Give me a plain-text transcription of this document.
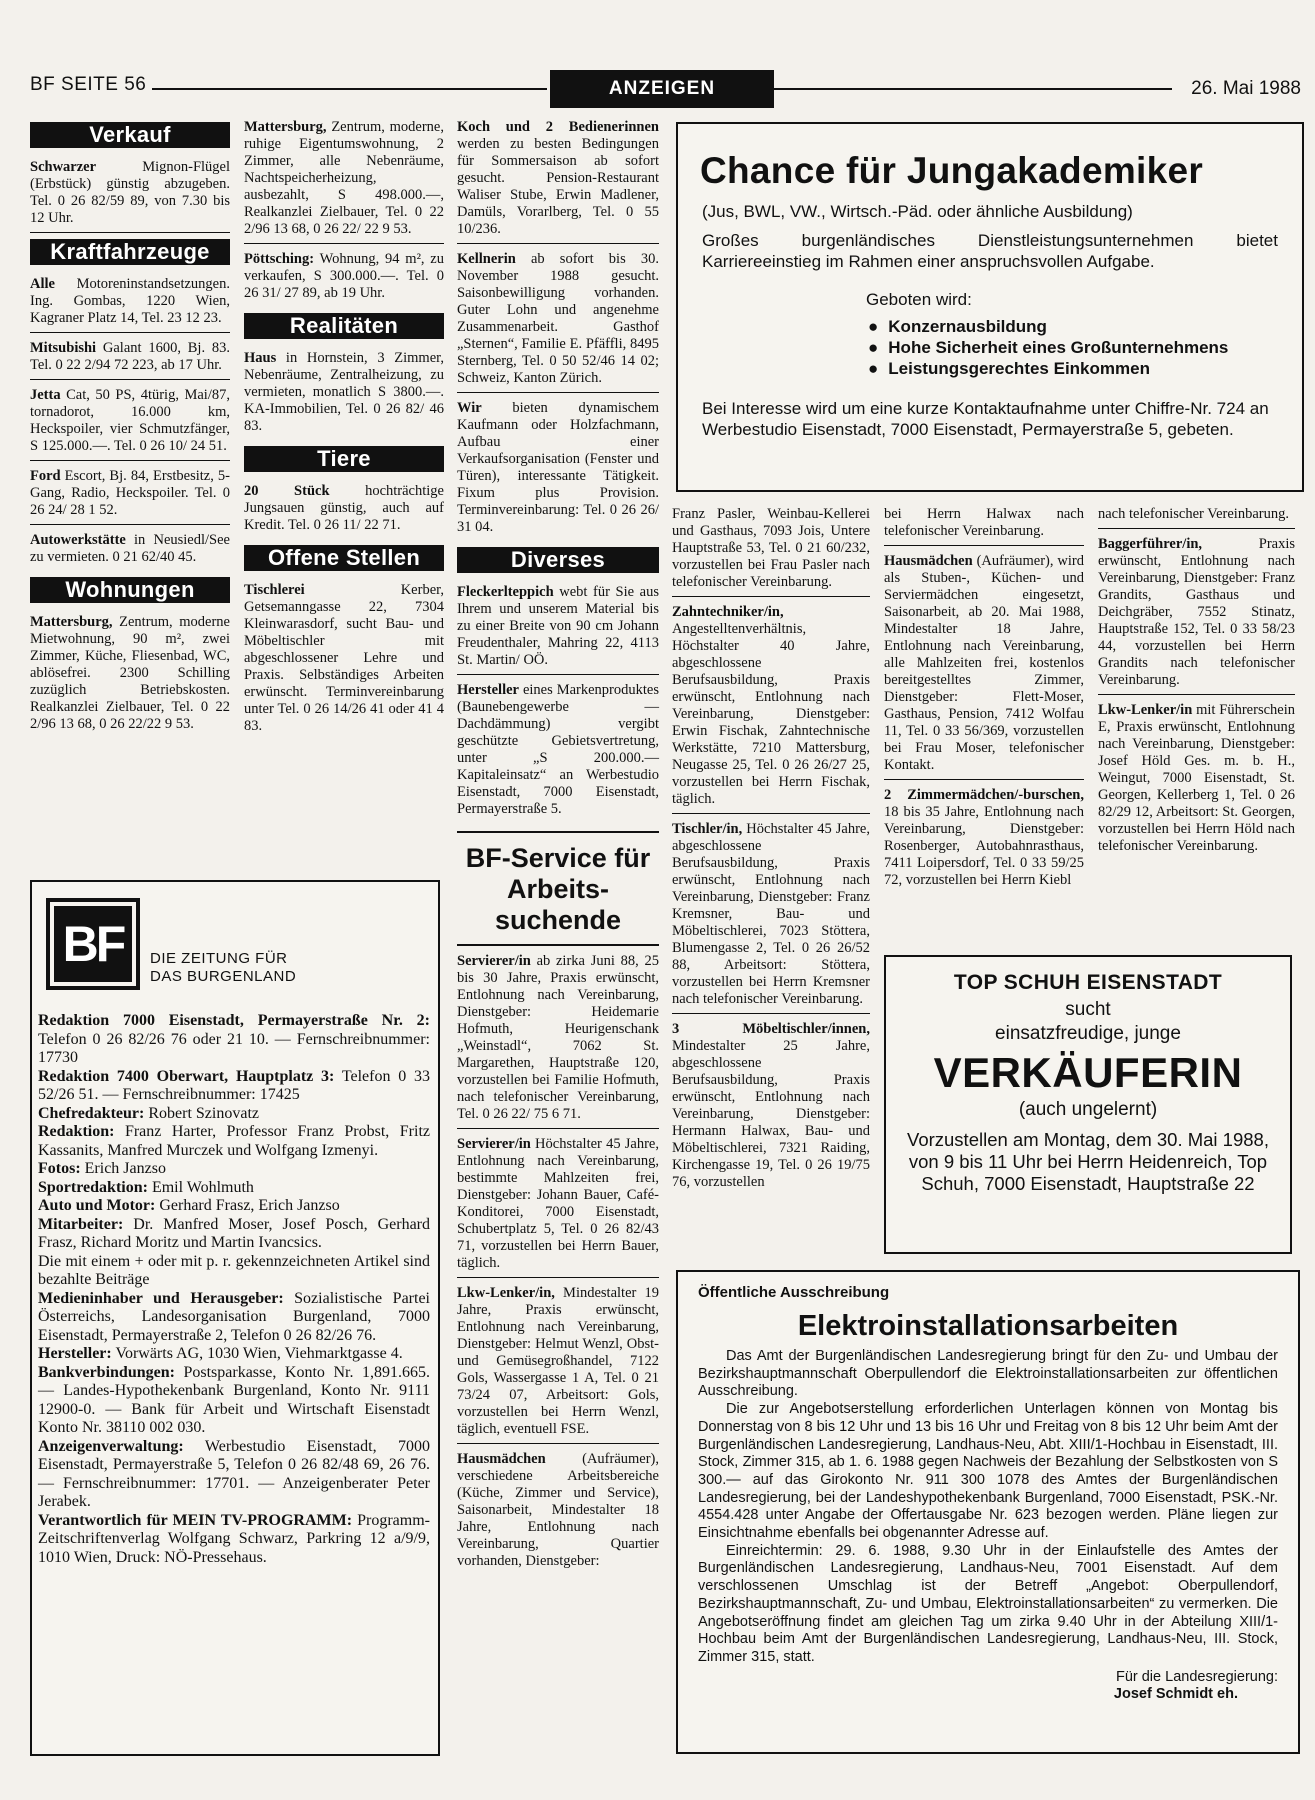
BF SEITE 56	ANZEIGEN	26. Mai 1988
Verkauf
Schwarzer Mignon-Flügel (Erbstück) günstig abzugeben. Tel. 0 26 82/59 89, von 7.30 bis 12 Uhr.
Kraftfahrzeuge
Alle Motoreninstandsetzungen. Ing. Gombas, 1220 Wien, Kagraner Platz 14, Tel. 23 12 23.
Mitsubishi Galant 1600, Bj. 83. Tel. 0 22 2/94 72 223, ab 17 Uhr.
Jetta Cat, 50 PS, 4türig, Mai/87, tornadorot, 16.000 km, Heckspoiler, vier Schmutzfänger, S 125.000.—. Tel. 0 26 10/ 24 51.
Ford Escort, Bj. 84, Erstbesitz, 5-Gang, Radio, Heckspoiler. Tel. 0 26 24/ 28 1 52.
Autowerkstätte in Neusiedl/See zu vermieten. 0 21 62/40 45.
Wohnungen
Mattersburg, Zentrum, moderne Mietwohnung, 90 m², zwei Zimmer, Küche, Fliesenbad, WC, ablösefrei. 2300 Schilling zuzüglich Betriebskosten. Realkanzlei Zielbauer, Tel. 0 22 2/96 13 68, 0 26 22/22 9 53.
Mattersburg, Zentrum, moderne, ruhige Eigentumswohnung, 2 Zimmer, alle Nebenräume, Nachtspeicherheizung, ausbezahlt, S 498.000.—, Realkanzlei Zielbauer, Tel. 0 22 2/96 13 68, 0 26 22/ 22 9 53.
Pöttsching: Wohnung, 94 m², zu verkaufen, S 300.000.—. Tel. 0 26 31/ 27 89, ab 19 Uhr.
Realitäten
Haus in Hornstein, 3 Zimmer, Nebenräume, Zentralheizung, zu vermieten, monatlich S 3800.—. KA-Immobilien, Tel. 0 26 82/ 46 83.
Tiere
20 Stück hochträchtige Jungsauen günstig, auch auf Kredit. Tel. 0 26 11/ 22 71.
Offene Stellen
Tischlerei Kerber, Getsemanngasse 22, 7304 Kleinwarasdorf, sucht Bau- und Möbeltischler mit abgeschlossener Lehre und Praxis. Selbständiges Arbeiten erwünscht. Terminvereinbarung unter Tel. 0 26 14/26 41 oder 41 4 83.
Koch und 2 Bedienerinnen werden zu besten Bedingungen für Sommersaison ab sofort gesucht. Pension-Restaurant Waliser Stube, Erwin Madlener, Damüls, Vorarlberg, Tel. 0 55 10/236.
Kellnerin ab sofort bis 30. November 1988 gesucht. Saisonbewilligung vorhanden. Guter Lohn und angenehme Zusammenarbeit. Gasthof „Sternen“, Familie E. Pfäffli, 8495 Sternberg, Tel. 0 50 52/46 14 02; Schweiz, Kanton Zürich.
Wir bieten dynamischem Kaufmann oder Holzfachmann, Aufbau einer Verkaufsorganisation (Fenster und Türen), interessante Tätigkeit. Fixum plus Provision. Terminvereinbarung: Tel. 0 26 26/ 31 04.
Diverses
Fleckerlteppich webt für Sie aus Ihrem und unserem Material bis zu einer Breite von 90 cm Johann Freudenthaler, Mahring 22, 4113 St. Martin/ OÖ.
Hersteller eines Markenproduktes (Baunebengewerbe — Dachdämmung) vergibt geschützte Gebietsvertretung, unter „S 200.000.— Kapitaleinsatz“ an Werbestudio Eisenstadt, 7000 Eisenstadt, Permayerstraße 5.
BF-Service für Arbeits-suchende
Servierer/in ab zirka Juni 88, 25 bis 30 Jahre, Praxis erwünscht, Entlohnung nach Vereinbarung, Dienstgeber: Heidemarie Hofmuth, Heurigenschank „Weinstadl“, 7062 St. Margarethen, Hauptstraße 120, vorzustellen bei Familie Hofmuth, nach telefonischer Vereinbarung, Tel. 0 26 22/ 75 6 71.
Servierer/in Höchstalter 45 Jahre, Entlohnung nach Vereinbarung, bestimmte Mahlzeiten frei, Dienstgeber: Johann Bauer, Café-Konditorei, 7000 Eisenstadt, Schubertplatz 5, Tel. 0 26 82/43 71, vorzustellen bei Herrn Bauer, täglich.
Lkw-Lenker/in, Mindestalter 19 Jahre, Praxis erwünscht, Entlohnung nach Vereinbarung, Dienstgeber: Helmut Wenzl, Obst- und Gemüsegroßhandel, 7122 Gols, Wassergasse 1 A, Tel. 0 21 73/24 07, Arbeitsort: Gols, vorzustellen bei Herrn Wenzl, täglich, eventuell FSE.
Hausmädchen (Aufräumer), verschiedene Arbeitsbereiche (Küche, Zimmer und Service), Saisonarbeit, Mindestalter 18 Jahre, Entlohnung nach Vereinbarung, Quartier vorhanden, Dienstgeber:
Chance für Jungakademiker
(Jus, BWL, VW., Wirtsch.-Päd. oder ähnliche Ausbildung)
Großes burgenländisches Dienstleistungsunternehmen bietet Karriereeinstieg im Rahmen einer anspruchsvollen Aufgabe.
Geboten wird:
● Konzernausbildung
● Hohe Sicherheit eines Großunternehmens
● Leistungsgerechtes Einkommen
Bei Interesse wird um eine kurze Kontaktaufnahme unter Chiffre-Nr. 724 an Werbestudio Eisenstadt, 7000 Eisenstadt, Permayerstraße 5, gebeten.
Franz Pasler, Weinbau-Kellerei und Gasthaus, 7093 Jois, Untere Hauptstraße 53, Tel. 0 21 60/232, vorzustellen bei Frau Pasler nach telefonischer Vereinbarung.
Zahntechniker/in, Angestelltenverhältnis, Höchstalter 40 Jahre, abgeschlossene Berufsausbildung, Praxis erwünscht, Entlohnung nach Vereinbarung, Dienstgeber: Erwin Fischak, Zahntechnische Werkstätte, 7210 Mattersburg, Neugasse 25, Tel. 0 26 26/27 25, vorzustellen bei Herrn Fischak, täglich.
Tischler/in, Höchstalter 45 Jahre, abgeschlossene Berufsausbildung, Praxis erwünscht, Entlohnung nach Vereinbarung, Dienstgeber: Franz Kremsner, Bau- und Möbeltischlerei, 7023 Stöttera, Blumengasse 2, Tel. 0 26 26/52 88, Arbeitsort: Stöttera, vorzustellen bei Herrn Kremsner nach telefonischer Vereinbarung.
3 Möbeltischler/innen, Mindestalter 25 Jahre, abgeschlossene Berufsausbildung, Praxis erwünscht, Entlohnung nach Vereinbarung, Dienstgeber: Hermann Halwax, Bau- und Möbeltischlerei, 7321 Raiding, Kirchengasse 19, Tel. 0 26 19/75 76, vorzustellen
bei Herrn Halwax nach telefonischer Vereinbarung.
Hausmädchen (Aufräumer), wird als Stuben-, Küchen- und Serviermädchen eingesetzt, Saisonarbeit, ab 20. Mai 1988, Mindestalter 18 Jahre, Entlohnung nach Vereinbarung, alle Mahlzeiten frei, kostenlos bereitgestelltes Zimmer, Dienstgeber: Flett-Moser, Gasthaus, Pension, 7412 Wolfau 11, Tel. 0 33 56/369, vorzustellen bei Frau Moser, telefonischer Kontakt.
2 Zimmermädchen/-burschen, 18 bis 35 Jahre, Entlohnung nach Vereinbarung, Dienstgeber: Rosenberger, Autobahnrasthaus, 7411 Loipersdorf, Tel. 0 33 59/25 72, vorzustellen bei Herrn Kiebl
nach telefonischer Vereinbarung.
Baggerführer/in, Praxis erwünscht, Entlohnung nach Vereinbarung, Dienstgeber: Franz Grandits, Gasthaus und Deichgräber, 7552 Stinatz, Hauptstraße 152, Tel. 0 33 58/23 44, vorzustellen bei Herrn Grandits nach telefonischer Vereinbarung.
Lkw-Lenker/in mit Führerschein E, Praxis erwünscht, Entlohnung nach Vereinbarung, Dienstgeber: Josef Höld Ges. m. b. H., Weingut, 7000 Eisenstadt, St. Georgen, Kellerberg 1, Tel. 0 26 82/29 12, Arbeitsort: St. Georgen, vorzustellen bei Herrn Höld nach telefonischer Vereinbarung.
BF	DIE ZEITUNG FÜR
DAS BURGENLAND

Redaktion 7000 Eisenstadt, Permayerstraße Nr. 2: Telefon 0 26 82/26 76 oder 21 10. — Fernschreibnummer: 17730

Redaktion 7400 Oberwart, Hauptplatz 3: Telefon 0 33 52/26 51. — Fernschreibnummer: 17425

Chefredakteur: Robert Szinovatz

Redaktion: Franz Harter, Professor Franz Probst, Fritz Kassanits, Manfred Murczek und Wolfgang Izmenyi.

Fotos: Erich Janzso

Sportredaktion: Emil Wohlmuth

Auto und Motor: Gerhard Frasz, Erich Janzso

Mitarbeiter: Dr. Manfred Moser, Josef Posch, Gerhard Frasz, Richard Moritz und Martin Ivancsics.

Die mit einem + oder mit p. r. gekennzeichneten Artikel sind bezahlte Beiträge

Medieninhaber und Herausgeber: Sozialistische Partei Österreichs, Landesorganisation Burgenland, 7000 Eisenstadt, Permayerstraße 2, Telefon 0 26 82/26 76.

Hersteller: Vorwärts AG, 1030 Wien, Viehmarktgasse 4.

Bankverbindungen: Postsparkasse, Konto Nr. 1,891.665. — Landes-Hypothekenbank Burgenland, Konto Nr. 9111 12900-0. — Bank für Arbeit und Wirtschaft Eisenstadt Konto Nr. 38110 002 030.

Anzeigenverwaltung: Werbestudio Eisenstadt, 7000 Eisenstadt, Permayerstraße 5, Telefon 0 26 82/48 69, 26 76. — Fernschreibnummer: 17701. — Anzeigenberater Peter Jerabek.

Verantwortlich für MEIN TV-PROGRAMM: Programm-Zeitschriftenverlag Wolfgang Schwarz, Parkring 12 a/9/9, 1010 Wien, Druck: NÖ-Pressehaus.

TOP SCHUH EISENSTADT
sucht
einsatzfreudige, junge
VERKÄUFERIN
(auch ungelernt)
Vorzustellen am Montag, dem 30. Mai 1988, von 9 bis 11 Uhr bei Herrn Heidenreich, Top Schuh, 7000 Eisenstadt, Hauptstraße 22
Öffentliche Ausschreibung
Elektroinstallationsarbeiten
Das Amt der Burgenländischen Landesregierung bringt für den Zu- und Umbau der Bezirkshauptmannschaft Oberpullendorf die Elektroinstallationsarbeiten zur öffentlichen Ausschreibung.
Die zur Angebotserstellung erforderlichen Unterlagen können von Montag bis Donnerstag von 8 bis 12 Uhr und 13 bis 16 Uhr und Freitag von 8 bis 12 Uhr beim Amt der Burgenländischen Landesregierung, Landhaus-Neu, Abt. XIII/1-Hochbau in Eisenstadt, III. Stock, Zimmer 315, ab 1. 6. 1988 gegen Nachweis der Bezahlung der Selbstkosten von S 300.— auf das Girokonto Nr. 911 300 1078 des Amtes der Burgenländischen Landesregierung, bei der Landeshypothekenbank Burgenland, 7000 Eisenstadt, PSK.-Nr. 4554.428 unter Angabe der Offertausgabe Nr. 623 bezogen werden. Pläne liegen zur Einsichtnahme ebenfalls bei obgenannter Adresse auf.
Einreichtermin: 29. 6. 1988, 9.30 Uhr in der Einlaufstelle des Amtes der Burgenländischen Landesregierung, Landhaus-Neu, 7001 Eisenstadt. Auf dem verschlossenen Umschlag ist der Betreff „Angebot: Oberpullendorf, Bezirkshauptmannschaft, Zu- und Umbau, Elektroinstallationsarbeiten“ zu vermerken. Die Angebotseröffnung findet am gleichen Tag um zirka 9.40 Uhr in der Abteilung XIII/1-Hochbau beim Amt der Burgenländischen Landesregierung, Landhaus-Neu, III. Stock, Zimmer 315, statt.
Für die Landesregierung:
Josef Schmidt eh.
